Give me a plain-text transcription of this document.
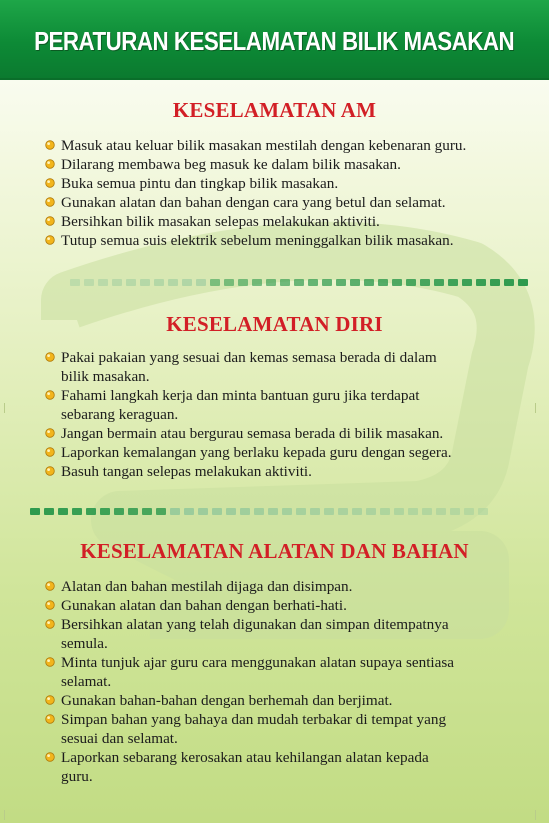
PERATURAN KESELAMATAN BILIK MASAKAN
KESELAMATAN AM
Masuk atau keluar bilik masakan mestilah dengan kebenaran guru.
Dilarang membawa beg masuk ke dalam bilik masakan.
Buka semua pintu dan tingkap bilik masakan.
Gunakan alatan dan bahan dengan cara yang betul dan selamat.
Bersihkan bilik masakan selepas melakukan aktiviti.
Tutup semua suis elektrik sebelum meninggalkan bilik masakan.
KESELAMATAN DIRI
Pakai pakaian yang sesuai dan kemas semasa berada di dalam
bilik masakan.
Fahami langkah kerja dan minta bantuan guru jika terdapat
sebarang keraguan.
Jangan bermain atau bergurau semasa berada di bilik masakan.
Laporkan kemalangan yang berlaku kepada guru dengan segera.
Basuh tangan selepas melakukan aktiviti.
KESELAMATAN ALATAN DAN BAHAN
Alatan dan bahan mestilah dijaga dan disimpan.
Gunakan alatan dan bahan dengan berhati-hati.
Bersihkan alatan yang telah digunakan dan simpan ditempatnya
semula.
Minta tunjuk ajar guru cara menggunakan alatan supaya sentiasa
selamat.
Gunakan bahan-bahan dengan berhemah dan berjimat.
Simpan bahan yang bahaya dan mudah terbakar di tempat yang
sesuai dan selamat.
Laporkan sebarang kerosakan atau kehilangan alatan kepada
guru.
